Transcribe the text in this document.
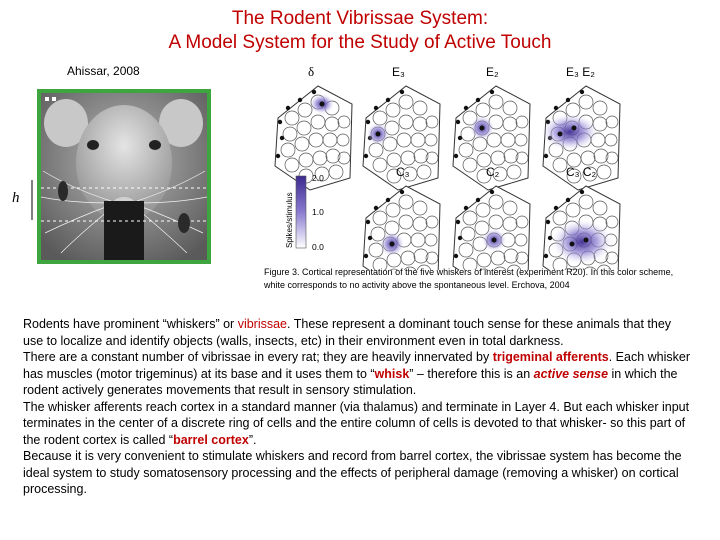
The Rodent Vibrissae System:
A Model System for the Study of Active Touch
Ahissar, 2008
h
δ	E₃	E₂	E₃ E₂
C₃	C₂	C₃ C₂
Spikes/stimulus
2.0
1.0
0.0
Figure 3. Cortical representation of the five whiskers of interest (experiment R20). In this color scheme, white corresponds to no activity above the spontaneous level. Erchova, 2004
Rodents have prominent “whiskers” or vibrissae. These represent a dominant touch sense for these animals that they use to localize and identify objects (walls, insects, etc) in their environment even in total darkness.
There are a constant number of vibrissae in every rat; they are heavily innervated by trigeminal afferents. Each whisker has muscles (motor trigeminus) at its base and it uses them to “whisk” – therefore this is an active sense in which the rodent actively generates movements that result in sensory stimulation.
The whisker afferents reach cortex in a standard manner (via thalamus) and terminate in Layer 4. But each whisker input terminates in the center of a discrete ring of cells and the entire column of cells is devoted to that whisker- so this part of the rodent cortex is called “barrel cortex”.
Because it is very convenient to stimulate whiskers and record from barrel cortex, the vibrissae system has become the ideal system to study somatosensory processing and the effects of peripheral damage (removing a whisker) on cortical processing.
